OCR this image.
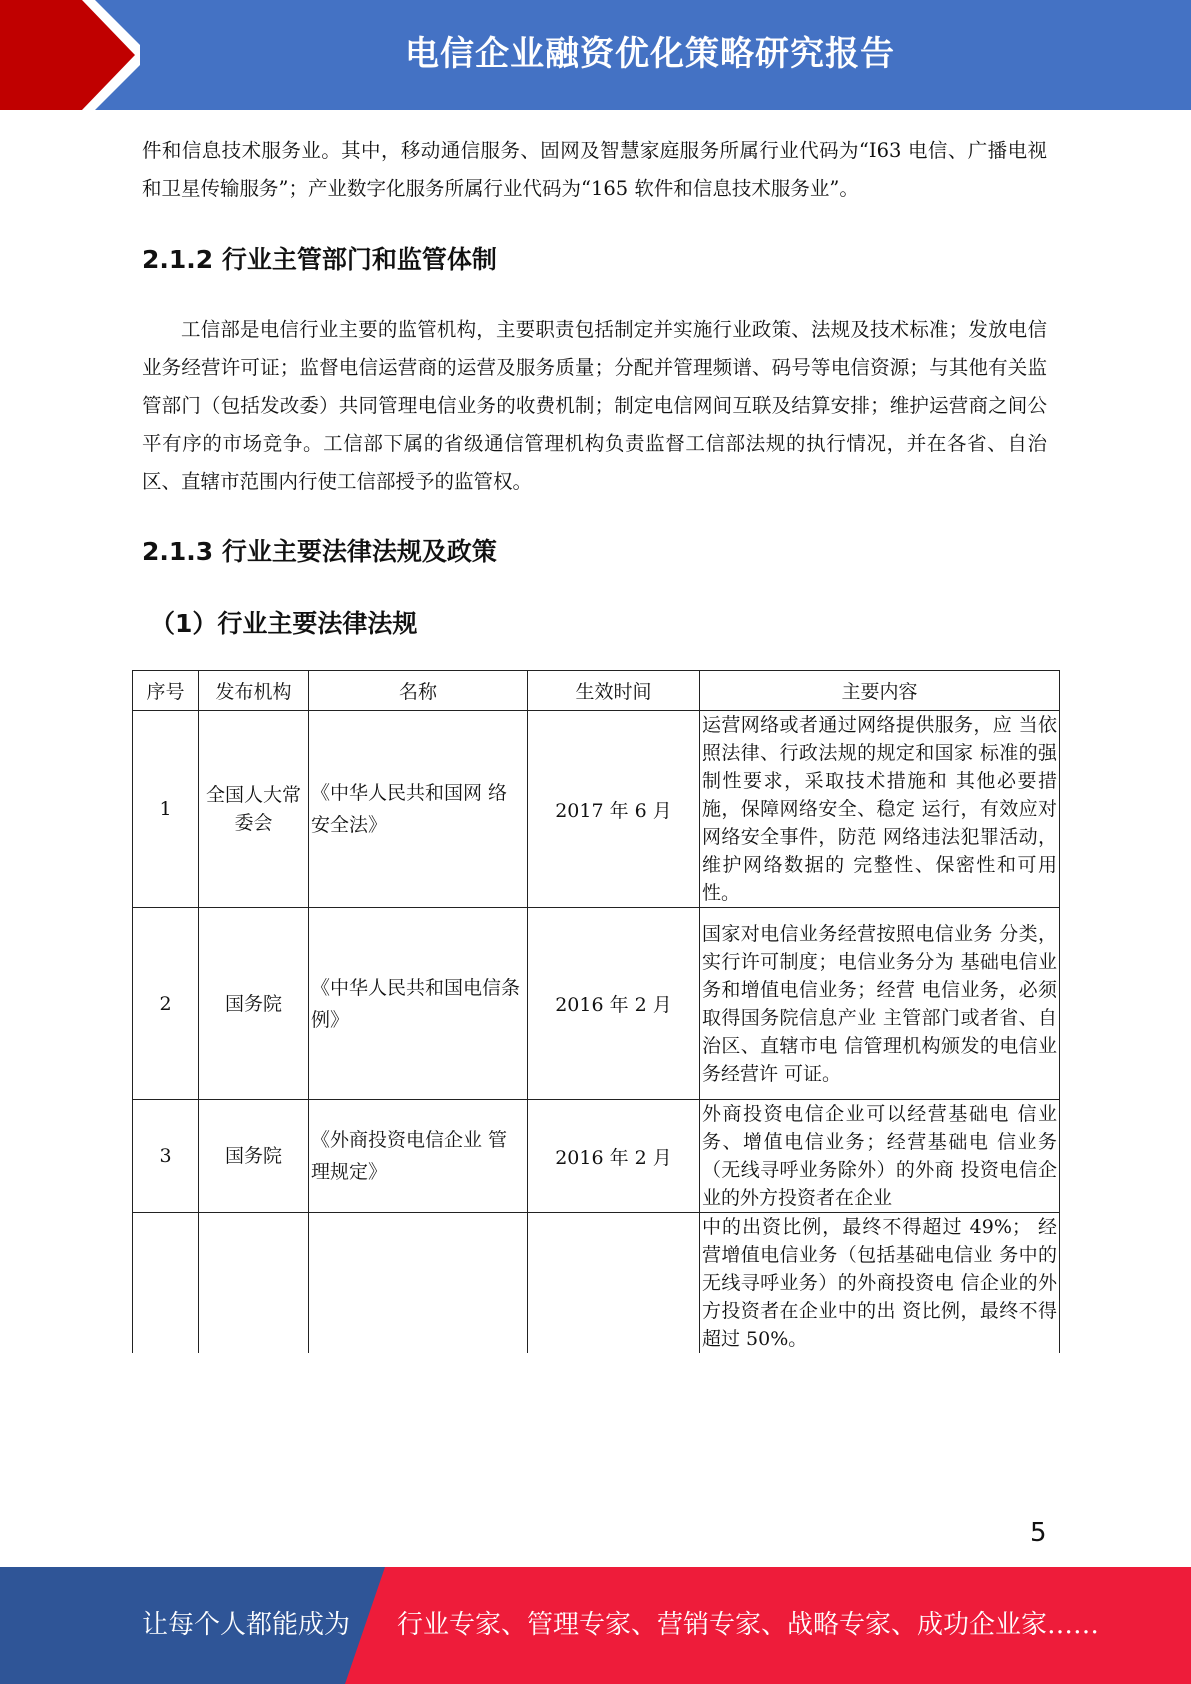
电信企业融资优化策略研究报告

件和信息技术服务业。其中，移动通信服务、固网及智慧家庭服务所属行业代码为“I63 电信、广播电视和卫星传输服务”；产业数字化服务所属行业代码为“165 软件和信息技术服务业”。

2.1.2 行业主管部门和监管体制

工信部是电信行业主要的监管机构，主要职责包括制定并实施行业政策、法规及技术标准；发放电信业务经营许可证；监督电信运营商的运营及服务质量；分配并管理频谱、码号等电信资源；与其他有关监管部门（包括发改委）共同管理电信业务的收费机制；制定电信网间互联及结算安排；维护运营商之间公平有序的市场竞争。工信部下属的省级通信管理机构负责监督工信部法规的执行情况，并在各省、自治区、直辖市范围内行使工信部授予的监管权。

2.1.3 行业主要法律法规及政策
（1）行业主要法律法规
序号	发布机构	名称	生效时间	主要内容
1	全国人大常委会	《中华人民共和国网 络安全法》	2017 年 6 月	运营网络或者通过网络提供服务，应 当依照法律、行政法规的规定和国家 标准的强制性要求，采取技术措施和 其他必要措施，保障网络安全、稳定 运行，有效应对网络安全事件，防范 网络违法犯罪活动，维护网络数据的 完整性、保密性和可用性。
2	国务院	《中华人民共和国电信条例》	2016 年 2 月	国家对电信业务经营按照电信业务 分类，实行许可制度；电信业务分为 基础电信业务和增值电信业务；经营 电信业务，必须取得国务院信息产业 主管部门或者省、自治区、直辖市电 信管理机构颁发的电信业务经营许 可证。
3	国务院	《外商投资电信企业 管理规定》	2016 年 2 月	外商投资电信企业可以经营基础电 信业务、增值电信业务；经营基础电 信业务（无线寻呼业务除外）的外商 投资电信企业的外方投资者在企业
				中的出资比例，最终不得超过 49%； 经营增值电信业务（包括基础电信业 务中的无线寻呼业务）的外商投资电 信企业的外方投资者在企业中的出 资比例，最终不得超过 50%。
5
让每个人都能成为 行业专家、管理专家、营销专家、战略专家、成功企业家……
